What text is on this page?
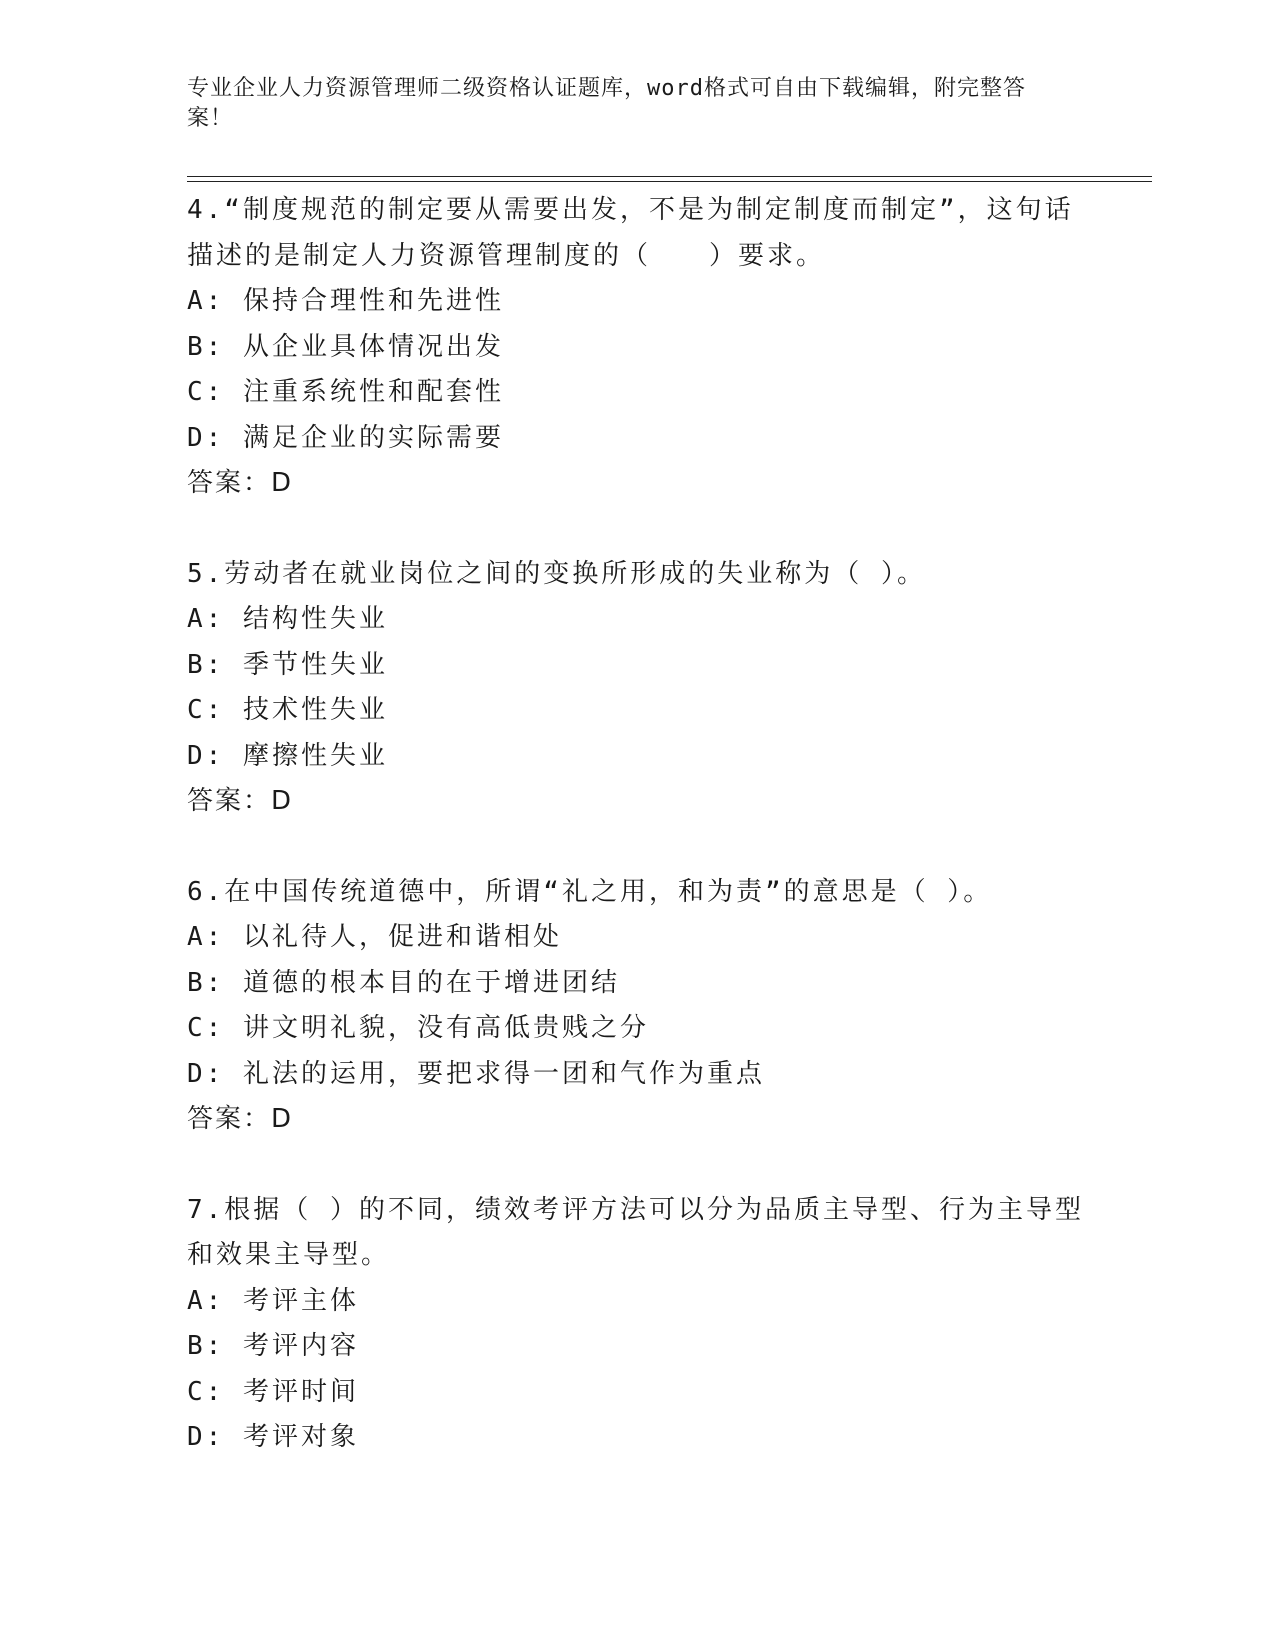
专业企业人力资源管理师二级资格认证题库，word格式可自由下载编辑，附完整答案！
4.“制度规范的制定要从需要出发，不是为制定制度而制定”，这句话描述的是制定人力资源管理制度的（　　）要求。
A: 保持合理性和先进性
B: 从企业具体情况出发
C: 注重系统性和配套性
D: 满足企业的实际需要
答案：D
5.劳动者在就业岗位之间的变换所形成的失业称为（ ）。
A: 结构性失业
B: 季节性失业
C: 技术性失业
D: 摩擦性失业
答案：D
6.在中国传统道德中，所谓“礼之用，和为责”的意思是（ ）。
A: 以礼待人，促进和谐相处
B: 道德的根本目的在于增进团结
C: 讲文明礼貌，没有高低贵贱之分
D: 礼法的运用，要把求得一团和气作为重点
答案：D
7.根据（ ）的不同，绩效考评方法可以分为品质主导型、行为主导型和效果主导型。
A: 考评主体
B: 考评内容
C: 考评时间
D: 考评对象
